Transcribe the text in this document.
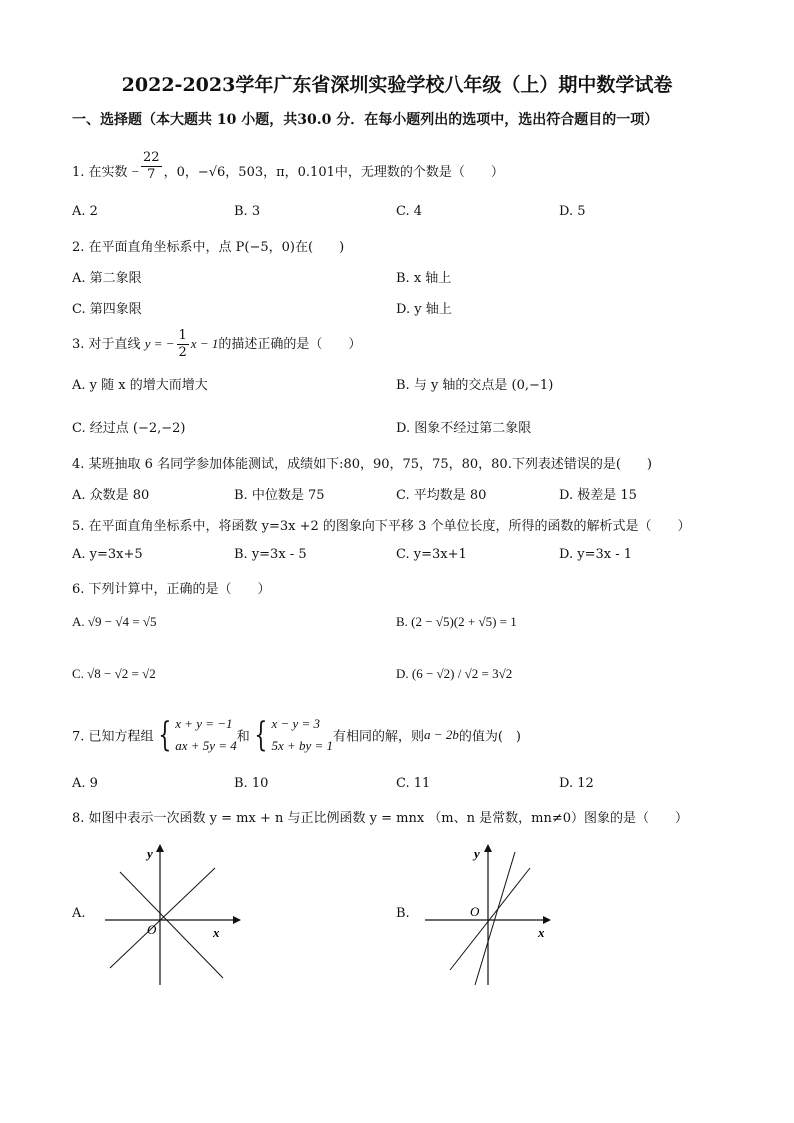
2022-2023学年广东省深圳实验学校八年级（上）期中数学试卷
一、选择题（本大题共 10 小题，共30.0 分．在每小题列出的选项中，选出符合题目的一项）
1. 在实数 − $\frac{22}{7}$ ，0，−√6，503，π，0.101中，无理数的个数是（　　）
A. 2	B. 3	C. 4	D. 5
2. 在平面直角坐标系中，点 P(−5，0)在(　　)
A. 第二象限	B. x 轴上
C. 第四象限	D. y 轴上
3. 对于直线 y = − $\frac{1}{2}$ x − 1的描述正确的是（　　）
A. y 随 x 的增大而增大	B. 与 y 轴的交点是 (0,−1)
C. 经过点 (−2,−2)	D. 图象不经过第二象限
4. 某班抽取 6 名同学参加体能测试，成绩如下:80，90，75，75，80，80.下列表述错误的是(　　)
A. 众数是 80	B. 中位数是 75	C. 平均数是 80	D. 极差是 15
5. 在平面直角坐标系中，将函数 y=3x +2 的图象向下平移 3 个单位长度，所得的函数的解析式是（　　）
A. y=3x+5	B. y=3x - 5	C. y=3x+1	D. y=3x - 1
6. 下列计算中，正确的是（　　）
A. √9 − √4 = √5	B. (2 − √5)(2 + √5) = 1
C. √8 − √2 = √2	D. (6 − √2) / √2 = 3√2
7. 已知方程组 { x + y = −1
ax + 5y = 4
和 { x − y = 3
5x + by = 1
有相同的解，则a − 2b的值为(　)
A. 9	B. 10	C. 11	D. 12
8. 如图中表示一次函数 y = mx + n 与正比例函数 y = mnx （m、n 是常数，mn≠0）图象的是（　　）
A.	B.
y
x
O
y
x
O
